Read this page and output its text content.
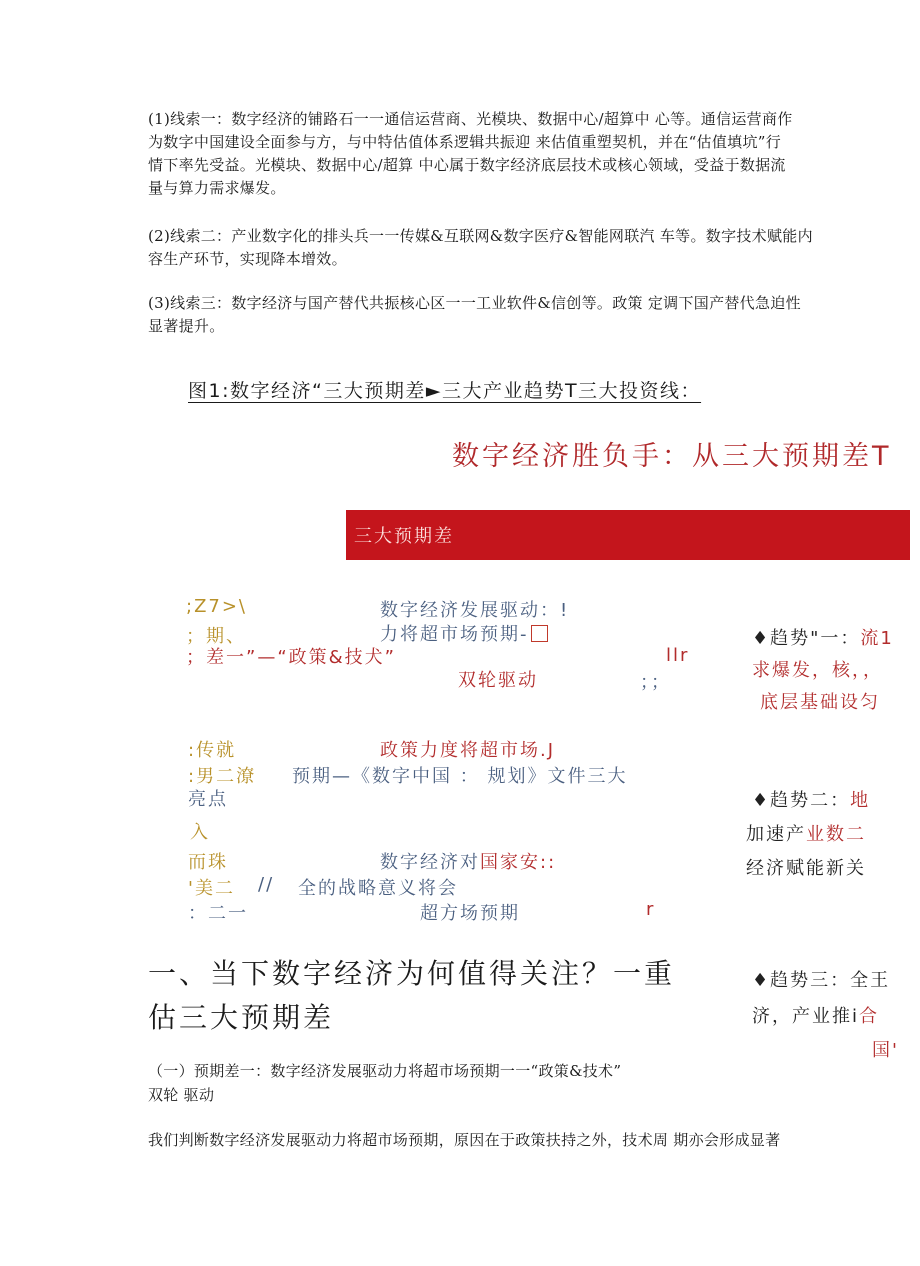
(1)线索一：数字经济的铺路石一一通信运营商、光模块、数据中心/超算中 心等。通信运营商作
为数字中国建设全面参与方，与中特估值体系逻辑共振迎 来估值重塑契机，并在“估值填坑”行
情下率先受益。光模块、数据中心/超算 中心属于数字经济底层技术或核心领域，受益于数据流
量与算力需求爆发。
(2)线索二：产业数字化的排头兵一一传媒&互联网&数字医疗&智能网联汽 车等。数字技术赋能内
容生产环节，实现降本增效。
(3)线索三：数字经济与国产替代共振核心区一一工业软件&信创等。政策 定调下国产替代急迫性
显著提升。
图1:数字经济“三大预期差►三大产业趋势T三大投资线：
数字经济胜负手：从三大预期差T
三大预期差
;Z7>\
；期、
；差一”—“政策&技犬”
:传就
:男二潦
亮点
入
而珠
'美二 //
：二一
数字经济发展驱动：!
力将超市场预期-
双轮驱动	；；
llr
政策力度将超市场.J
预期—《数字中国 ： 规划》文件三大
数字经济对国家安::
全的战略意义将会
超方场预期	r
♦趋势"一：流1
求爆发，核，，
底层基础设匀
♦趋势二：地
加速产业数二
经济赋能新关
♦趋势三：全王
济，产业推i合
国'
一、当下数字经济为何值得关注？一重
估三大预期差
（一）预期差一：数字经济发展驱动力将超市场预期一一“政策&技术”
双轮 驱动
我们判断数字经济发展驱动力将超市场预期，原因在于政策扶持之外，技术周 期亦会形成显著
